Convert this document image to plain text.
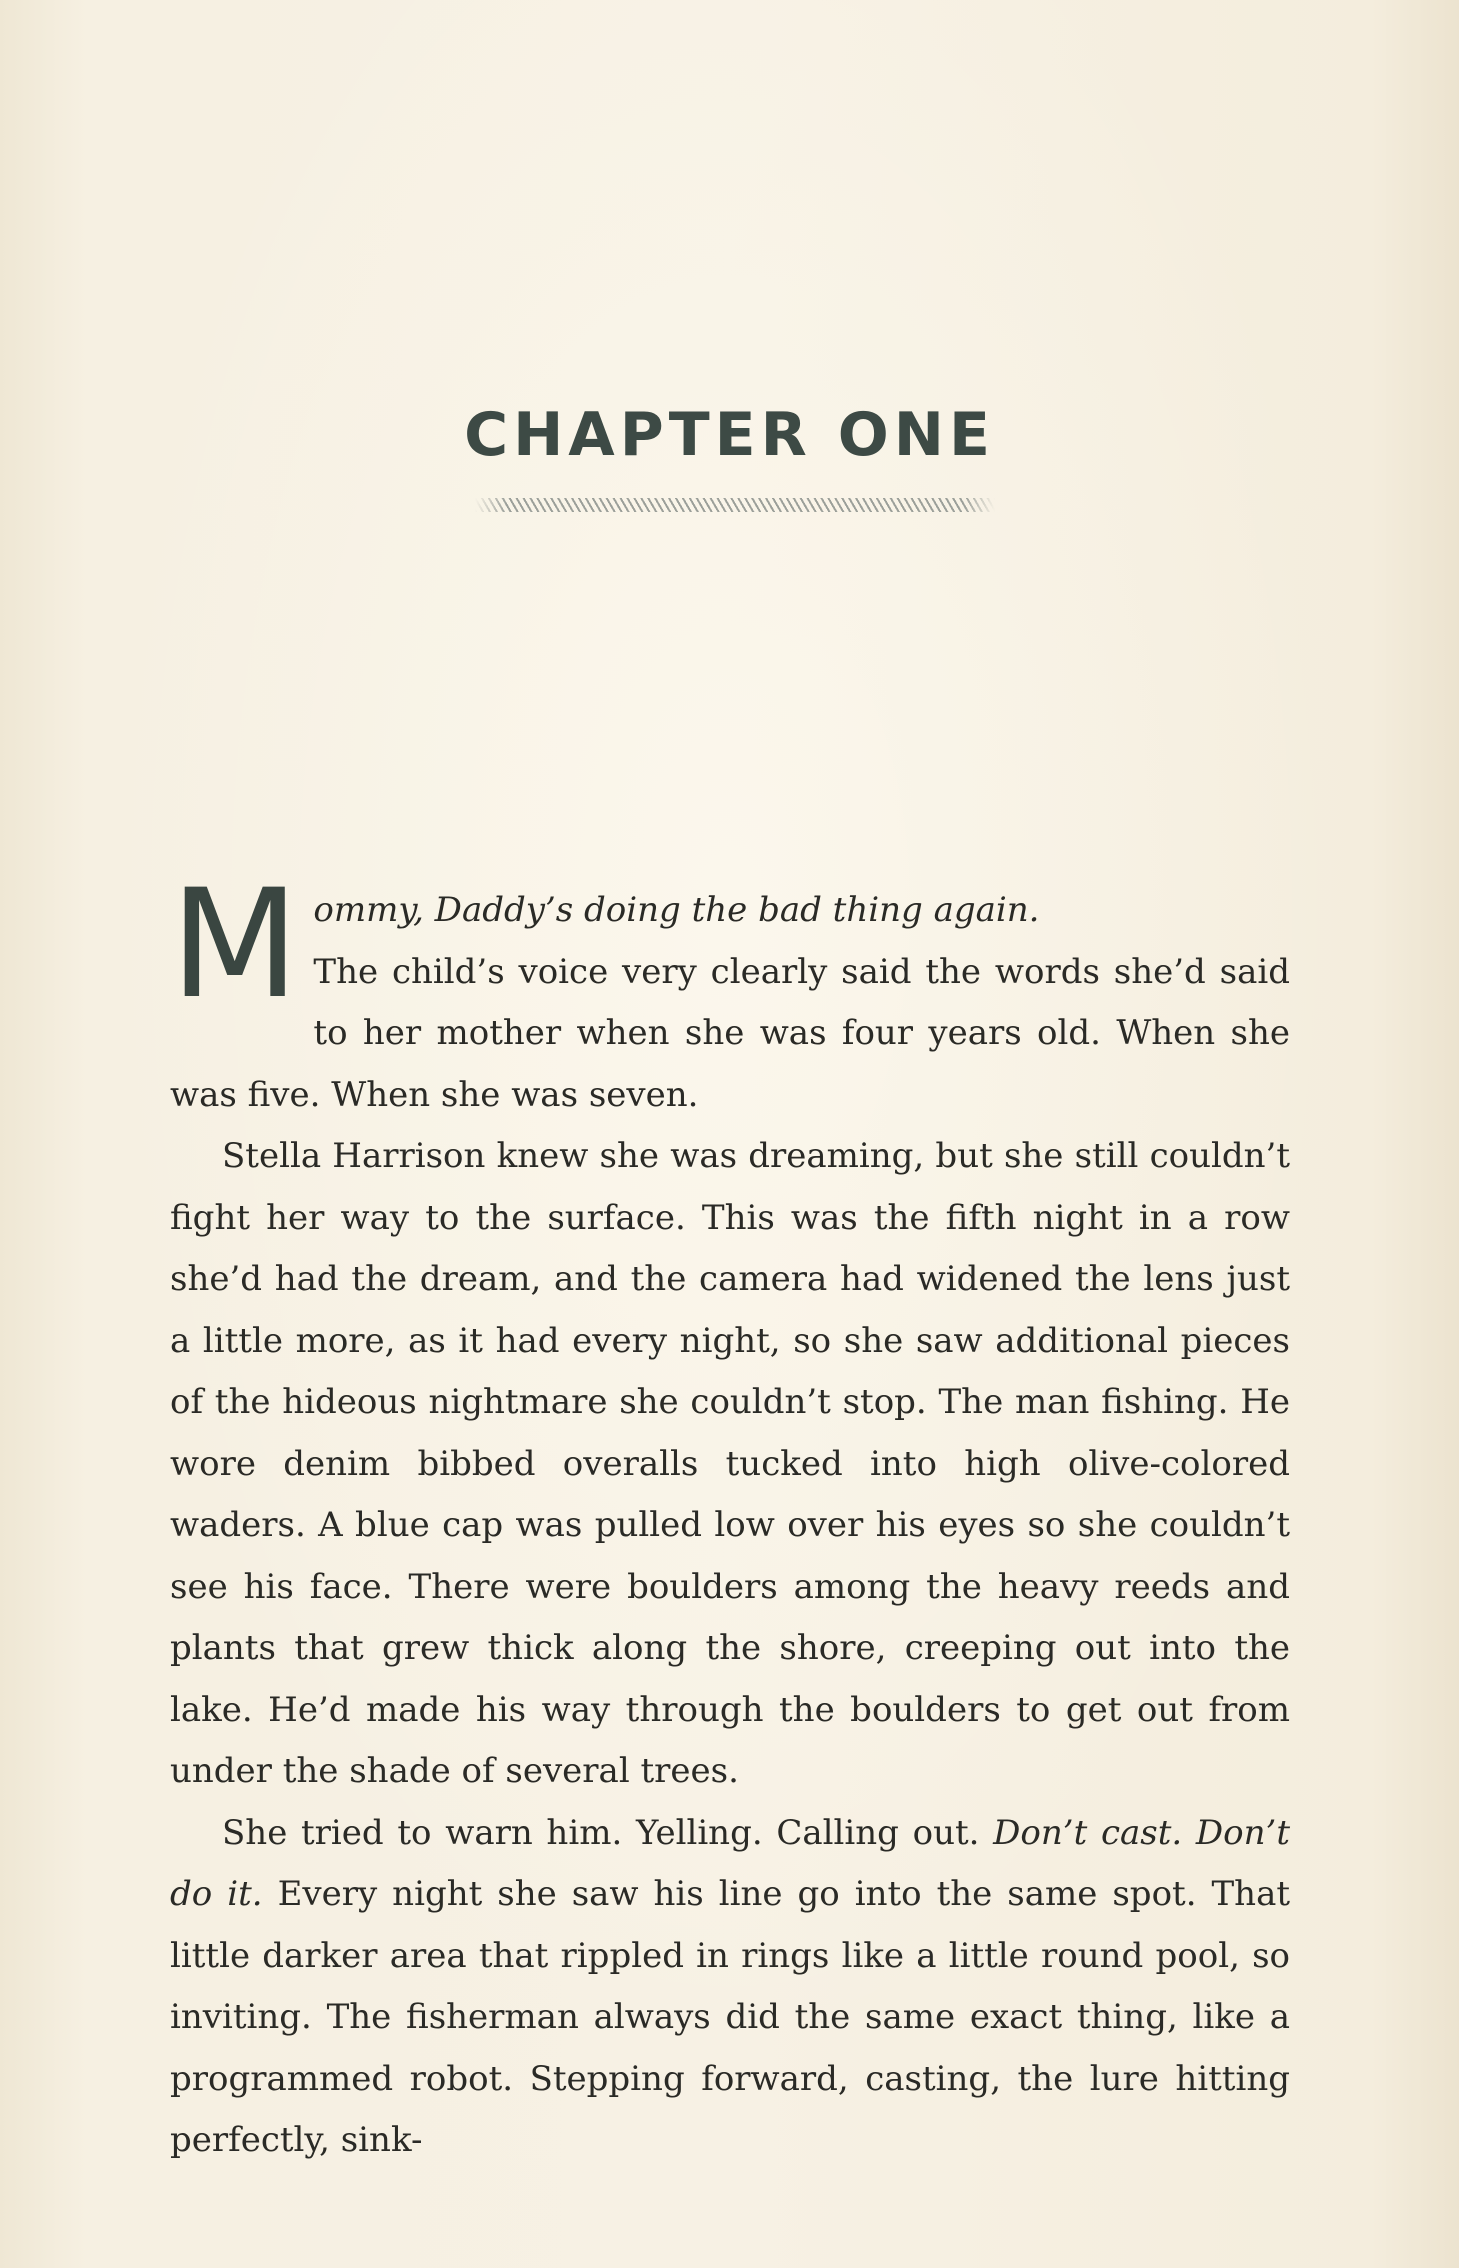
CHAPTER ONE

Mommy, Daddy’s doing the bad thing again.
The child’s voice very clearly said the words she’d said to her mother when she was four years old. When she was five. When she was seven.

Stella Harrison knew she was dreaming, but she still couldn’t fight her way to the surface. This was the fifth night in a row she’d had the dream, and the camera had widened the lens just a little more, as it had every night, so she saw additional pieces of the hideous nightmare she couldn’t stop. The man fishing. He wore denim bibbed overalls tucked into high olive-colored waders. A blue cap was pulled low over his eyes so she couldn’t see his face. There were boulders among the heavy reeds and plants that grew thick along the shore, creeping out into the lake. He’d made his way through the boulders to get out from under the shade of several trees.

She tried to warn him. Yelling. Calling out. Don’t cast. Don’t do it. Every night she saw his line go into the same spot. That little darker area that rippled in rings like a little round pool, so inviting. The fisherman always did the same exact thing, like a programmed robot. Stepping forward, casting, the lure hitting perfectly, sink-
